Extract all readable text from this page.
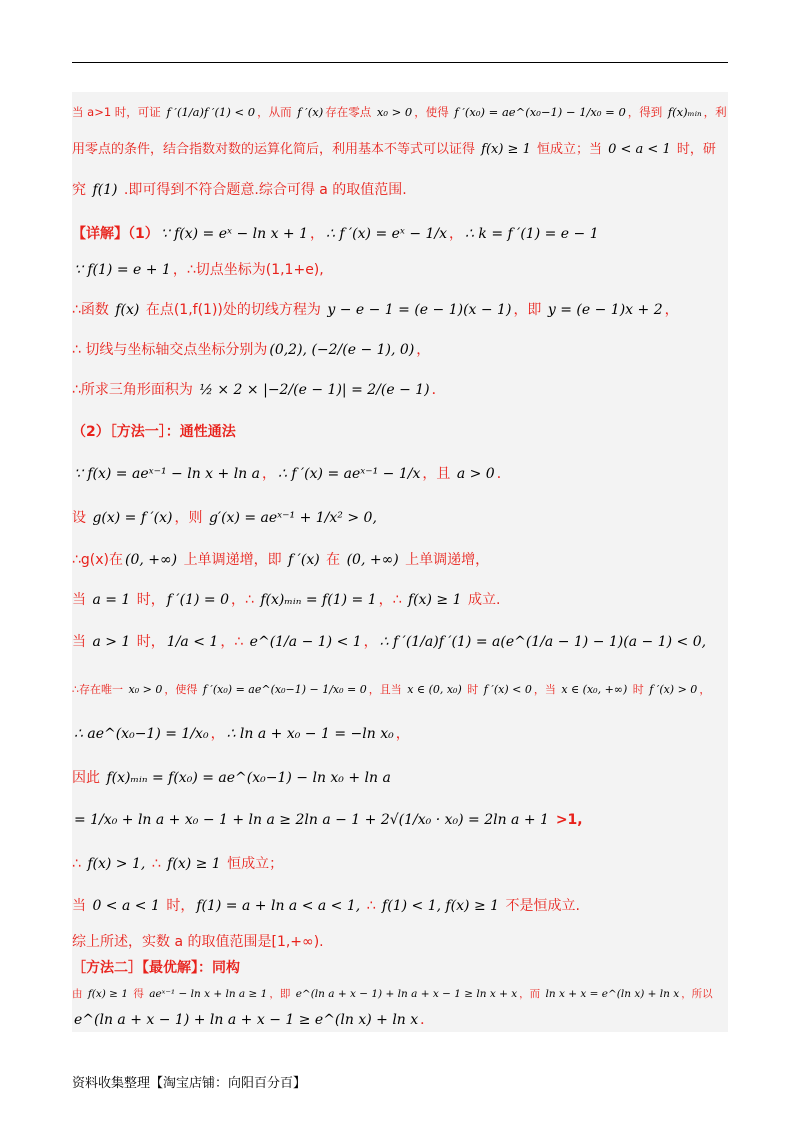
当 a>1 时，可证 f ′(1/a)f ′(1) < 0 ，从而 f ′(x) 存在零点 x₀ > 0 ，使得 f ′(x₀) = ae^(x₀−1) − 1/x₀ = 0 ，得到 f(x)ₘᵢₙ ，利
用零点的条件，结合指数对数的运算化简后，利用基本不等式可以证得 f(x) ≥ 1 恒成立；当 0 < a < 1 时，研
究 f(1) .即可得到不符合题意.综合可得 a 的取值范围.
【详解】（1） ∵ f(x) = eˣ − ln x + 1 ， ∴ f ′(x) = eˣ − 1/x ， ∴ k = f ′(1) = e − 1
∵ f(1) = e + 1 ，∴切点坐标为(1,1+e),
∴函数 f(x) 在点(1,f(1))处的切线方程为 y − e − 1 = (e − 1)(x − 1) ，即 y = (e − 1)x + 2 ，
∴ 切线与坐标轴交点坐标分别为 (0,2), (−2/(e − 1), 0) ，
∴所求三角形面积为 ½ × 2 × |−2/(e − 1)| = 2/(e − 1) ．
（2）［方法一］：通性通法
∵ f(x) = aeˣ⁻¹ − ln x + ln a ， ∴ f ′(x) = aeˣ⁻¹ − 1/x ，且 a > 0 ．
设 g(x) = f ′(x) ，则 g′(x) = aeˣ⁻¹ + 1/x² > 0,
∴g(x)在 (0, +∞) 上单调递增，即 f ′(x) 在 (0, +∞) 上单调递增，
当 a = 1 时， f ′(1) = 0 ，∴ f(x)ₘᵢₙ = f(1) = 1 ，∴ f(x) ≥ 1 成立.
当 a > 1 时， 1/a < 1 ，∴ e^(1/a − 1) < 1 ， ∴ f ′(1/a)f ′(1) = a(e^(1/a − 1) − 1)(a − 1) < 0,
∴存在唯一 x₀ > 0 ，使得 f ′(x₀) = ae^(x₀−1) − 1/x₀ = 0 ，且当 x ∈ (0, x₀) 时 f ′(x) < 0 ，当 x ∈ (x₀, +∞) 时 f ′(x) > 0 ，
∴ ae^(x₀−1) = 1/x₀ ， ∴ ln a + x₀ − 1 = −ln x₀ ，
因此 f(x)ₘᵢₙ = f(x₀) = ae^(x₀−1) − ln x₀ + ln a
= 1/x₀ + ln a + x₀ − 1 + ln a ≥ 2ln a − 1 + 2√(1/x₀ · x₀) = 2ln a + 1 >1,
∴ f(x) > 1, ∴ f(x) ≥ 1 恒成立；
当 0 < a < 1 时， f(1) = a + ln a < a < 1, ∴ f(1) < 1, f(x) ≥ 1 不是恒成立.
综上所述，实数 a 的取值范围是[1,+∞).
［方法二］【最优解】：同构
由 f(x) ≥ 1 得 aeˣ⁻¹ − ln x + ln a ≥ 1 ，即 e^(ln a + x − 1) + ln a + x − 1 ≥ ln x + x ，而 ln x + x = e^(ln x) + ln x ，所以
e^(ln a + x − 1) + ln a + x − 1 ≥ e^(ln x) + ln x ．
资料收集整理【淘宝店铺：向阳百分百】
